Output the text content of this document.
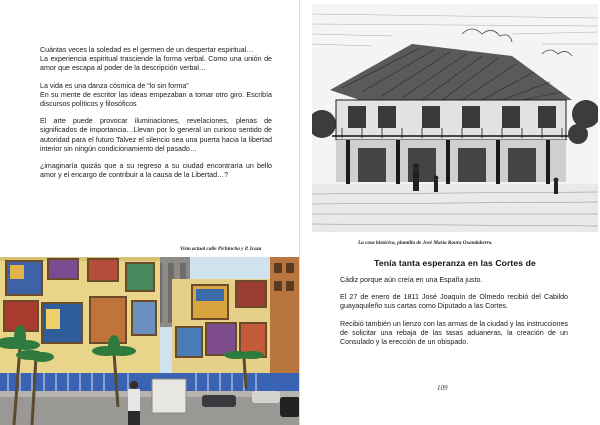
Cuántas veces la soledad es el germen de un despertar espiritual…
La experiencia espiritual trasciende la forma verbal. Como una unión de amor que escapa al poder de la descripción verbal…

La vida es una danza cósmica de “lo sin forma”
En su mente de escritor las ideas empezaban a tomar otro giro. Escribía discursos políticos y filosóficos

El arte puede provocar iluminaciones, revelaciones, plenas de significados de importancia…Llevan por lo general un curioso sentido de autoridad para el futuro Talvez el silencio sea una puerta hacia la libertad interior sin ningún condicionamiento del pasado…

¿imaginaría quizás que a su regreso a su ciudad encontraría un bello amor y el encargo de contribuir a la causa de la Libertad…?

Vista actual calle Pichincha y P. Icaza
La casa histórica, plumilla de José María Roura Oxandaberro.
Tenía tanta esperanza en las Cortes de

Cádiz porque aún creía en una España justo.

El 27 de enero de 1811 José Joaquín de Olmedo recibió del Cabildo guayaquileño sus cartas como Diputado a las Cortes.

Recibió también un lienzo con las armas de la ciudad y las instrucciones de solicitar una rebaja de las tasas aduaneras, la creación de un Consulado y la erección de un obispado.

109
